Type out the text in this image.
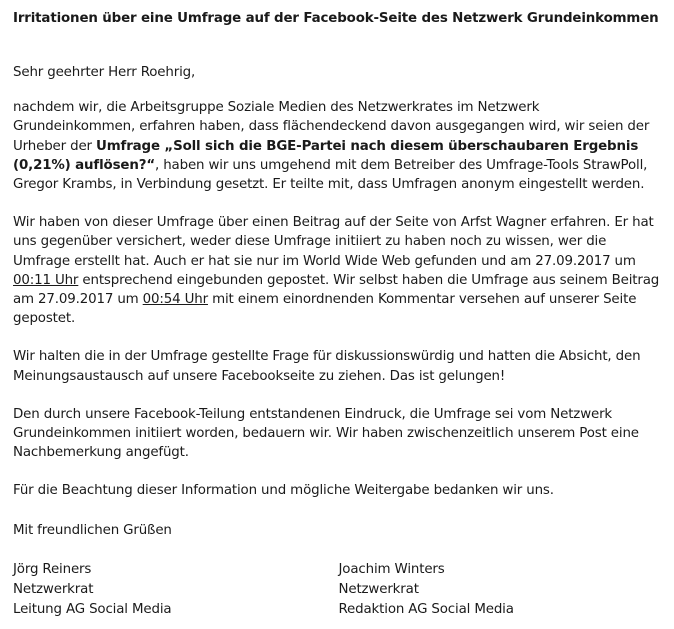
Irritationen über eine Umfrage auf der Facebook-Seite des Netzwerk Grundeinkommen
Sehr geehrter Herr Roehrig,

nachdem wir, die Arbeitsgruppe Soziale Medien des Netzwerkrates im Netzwerk Grundeinkommen, erfahren haben, dass flächendeckend davon ausgegangen wird, wir seien der Urheber der Umfrage „Soll sich die BGE-Partei nach diesem überschaubaren Ergebnis (0,21%) auflösen?“, haben wir uns umgehend mit dem Betreiber des Umfrage-Tools StrawPoll, Gregor Krambs, in Verbindung gesetzt. Er teilte mit, dass Umfragen anonym eingestellt werden.

Wir haben von dieser Umfrage über einen Beitrag auf der Seite von Arfst Wagner erfahren. Er hat uns gegenüber versichert, weder diese Umfrage initiiert zu haben noch zu wissen, wer die Umfrage erstellt hat. Auch er hat sie nur im World Wide Web gefunden und am 27.09.2017 um 00:11 Uhr entsprechend eingebunden gepostet. Wir selbst haben die Umfrage aus seinem Beitrag am 27.09.2017 um 00:54 Uhr mit einem einordnenden Kommentar versehen auf unserer Seite gepostet.

Wir halten die in der Umfrage gestellte Frage für diskussionswürdig und hatten die Absicht, den Meinungsaustausch auf unsere Facebookseite zu ziehen. Das ist gelungen!

Den durch unsere Facebook-Teilung entstandenen Eindruck, die Umfrage sei vom Netzwerk Grundeinkommen initiiert worden, bedauern wir. Wir haben zwischenzeitlich unserem Post eine Nachbemerkung angefügt.

Für die Beachtung dieser Information und mögliche Weitergabe bedanken wir uns.

Mit freundlichen Grüßen
Jörg Reiners
Netzwerkrat
Leitung AG Social Media
Joachim Winters
Netzwerkrat
Redaktion AG Social Media
